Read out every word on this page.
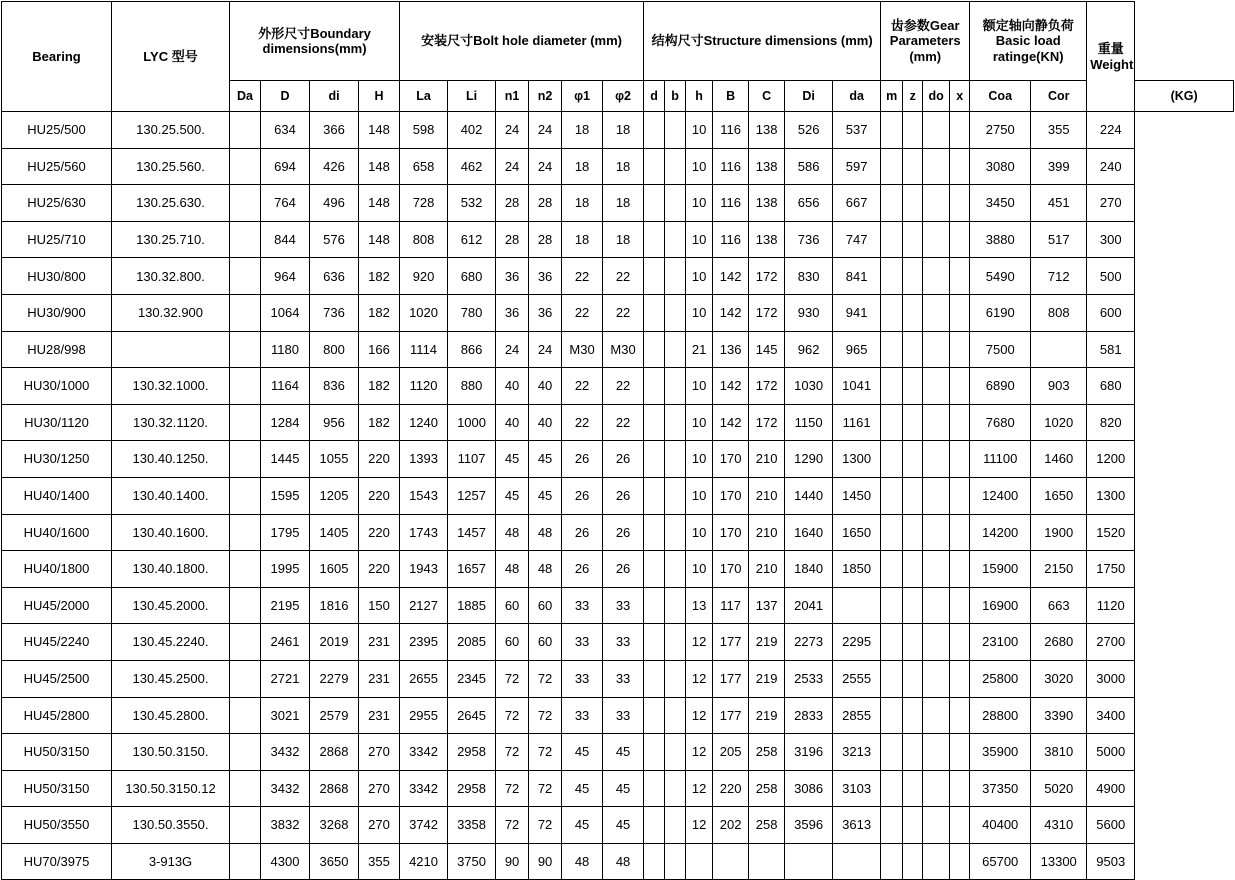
Bearing	LYC 型号	外形尺寸Boundary dimensions(mm)				安装尺寸Bolt hole diameter (mm)						结构尺寸Structure dimensions (mm)							齿参数Gear Parameters (mm)				额定轴向静负荷 Basic load ratinge(KN)		重量 Weight	
		Da	D	di	H	La	Li	n1	n2	φ1	φ2	d	b	h	B	C	Di	da	m	z	do	x	Coa	Cor		(KG)
HU25/500	130.25.500.		634	366	148	598	402	24	24	18	18			10	116	138	526	537					2750	355	224	
HU25/560	130.25.560.		694	426	148	658	462	24	24	18	18			10	116	138	586	597					3080	399	240	
HU25/630	130.25.630.		764	496	148	728	532	28	28	18	18			10	116	138	656	667					3450	451	270	
HU25/710	130.25.710.		844	576	148	808	612	28	28	18	18			10	116	138	736	747					3880	517	300	
HU30/800	130.32.800.		964	636	182	920	680	36	36	22	22			10	142	172	830	841					5490	712	500	
HU30/900	130.32.900		1064	736	182	1020	780	36	36	22	22			10	142	172	930	941					6190	808	600	
HU28/998			1180	800	166	1114	866	24	24	M30	M30			21	136	145	962	965					7500		581	
HU30/1000	130.32.1000.		1164	836	182	1120	880	40	40	22	22			10	142	172	1030	1041					6890	903	680	
HU30/1120	130.32.1120.		1284	956	182	1240	1000	40	40	22	22			10	142	172	1150	1161					7680	1020	820	
HU30/1250	130.40.1250.		1445	1055	220	1393	1107	45	45	26	26			10	170	210	1290	1300					11100	1460	1200	
HU40/1400	130.40.1400.		1595	1205	220	1543	1257	45	45	26	26			10	170	210	1440	1450					12400	1650	1300	
HU40/1600	130.40.1600.		1795	1405	220	1743	1457	48	48	26	26			10	170	210	1640	1650					14200	1900	1520	
HU40/1800	130.40.1800.		1995	1605	220	1943	1657	48	48	26	26			10	170	210	1840	1850					15900	2150	1750	
HU45/2000	130.45.2000.		2195	1816	150	2127	1885	60	60	33	33			13	117	137	2041						16900	663	1120	
HU45/2240	130.45.2240.		2461	2019	231	2395	2085	60	60	33	33			12	177	219	2273	2295					23100	2680	2700	
HU45/2500	130.45.2500.		2721	2279	231	2655	2345	72	72	33	33			12	177	219	2533	2555					25800	3020	3000	
HU45/2800	130.45.2800.		3021	2579	231	2955	2645	72	72	33	33			12	177	219	2833	2855					28800	3390	3400	
HU50/3150	130.50.3150.		3432	2868	270	3342	2958	72	72	45	45			12	205	258	3196	3213					35900	3810	5000	
HU50/3150	130.50.3150.12		3432	2868	270	3342	2958	72	72	45	45			12	220	258	3086	3103					37350	5020	4900	
HU50/3550	130.50.3550.		3832	3268	270	3742	3358	72	72	45	45			12	202	258	3596	3613					40400	4310	5600	
HU70/3975	3-913G		4300	3650	355	4210	3750	90	90	48	48												65700	13300	9503	
